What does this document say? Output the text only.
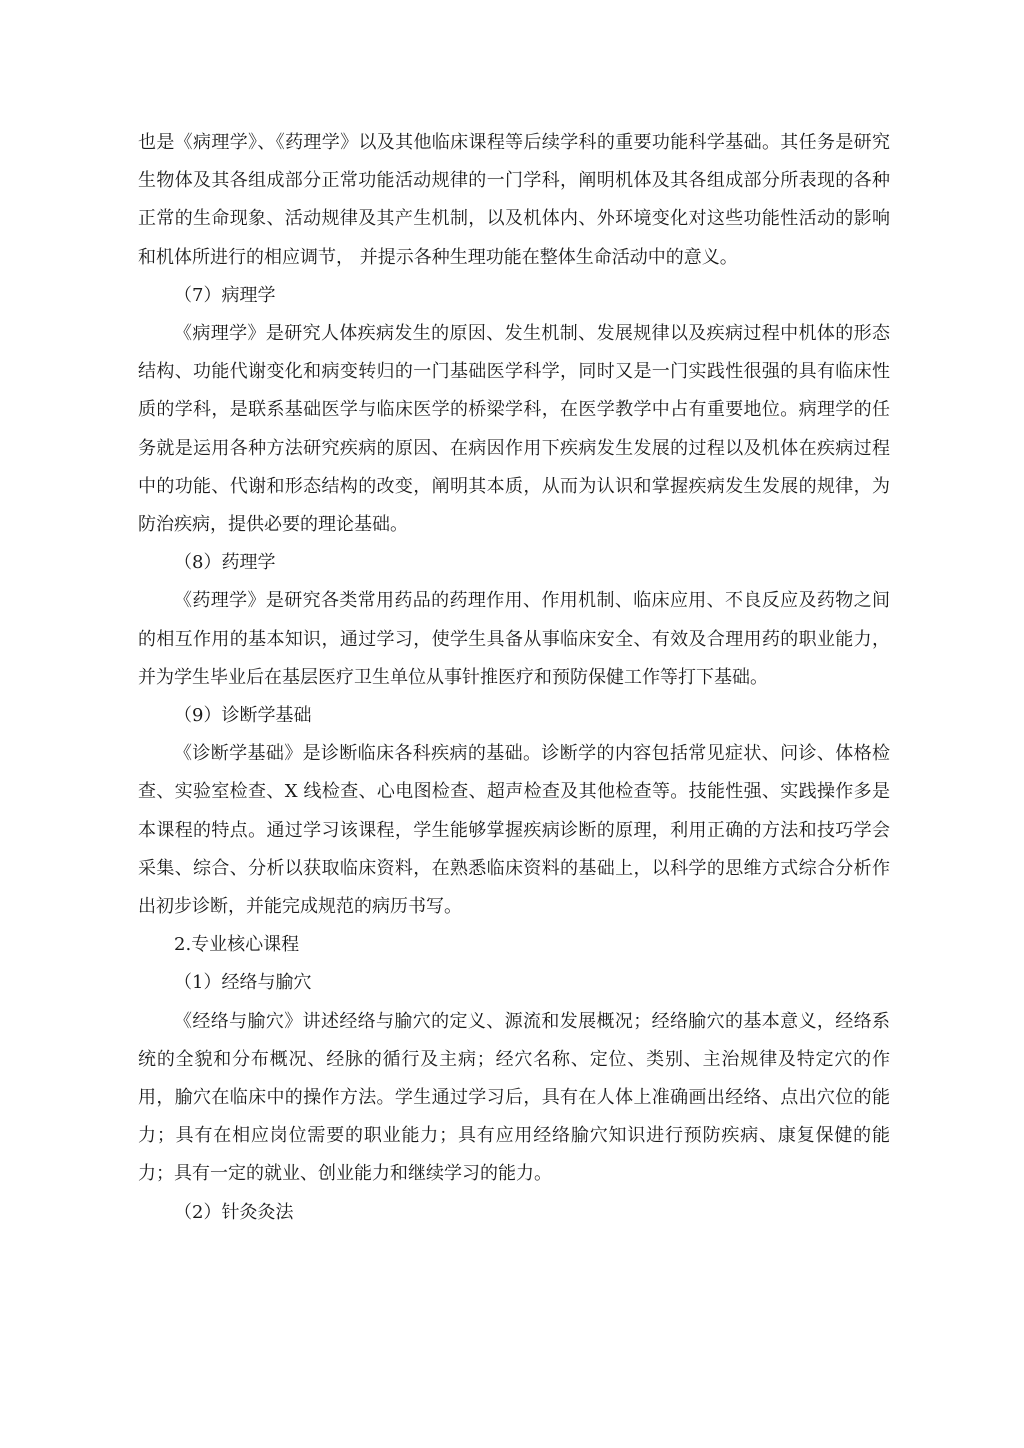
也是《病理学》、《药理学》以及其他临床课程等后续学科的重要功能科学基础。其任务是研究生物体及其各组成部分正常功能活动规律的一门学科，阐明机体及其各组成部分所表现的各种正常的生命现象、活动规律及其产生机制，以及机体内、外环境变化对这些功能性活动的影响和机体所进行的相应调节， 并提示各种生理功能在整体生命活动中的意义。

（7）病理学

《病理学》是研究人体疾病发生的原因、发生机制、发展规律以及疾病过程中机体的形态结构、功能代谢变化和病变转归的一门基础医学科学，同时又是一门实践性很强的具有临床性质的学科，是联系基础医学与临床医学的桥梁学科，在医学教学中占有重要地位。病理学的任务就是运用各种方法研究疾病的原因、在病因作用下疾病发生发展的过程以及机体在疾病过程中的功能、代谢和形态结构的改变，阐明其本质，从而为认识和掌握疾病发生发展的规律，为防治疾病，提供必要的理论基础。

（8）药理学

《药理学》是研究各类常用药品的药理作用、作用机制、临床应用、不良反应及药物之间的相互作用的基本知识，通过学习，使学生具备从事临床安全、有效及合理用药的职业能力，并为学生毕业后在基层医疗卫生单位从事针推医疗和预防保健工作等打下基础。

（9）诊断学基础

《诊断学基础》是诊断临床各科疾病的基础。诊断学的内容包括常见症状、问诊、体格检查、实验室检查、X 线检查、心电图检查、超声检查及其他检查等。技能性强、实践操作多是本课程的特点。通过学习该课程，学生能够掌握疾病诊断的原理，利用正确的方法和技巧学会采集、综合、分析以获取临床资料，在熟悉临床资料的基础上，以科学的思维方式综合分析作出初步诊断，并能完成规范的病历书写。

2.专业核心课程

（1）经络与腧穴

《经络与腧穴》讲述经络与腧穴的定义、源流和发展概况；经络腧穴的基本意义，经络系统的全貌和分布概况、经脉的循行及主病；经穴名称、定位、类别、主治规律及特定穴的作用，腧穴在临床中的操作方法。学生通过学习后，具有在人体上准确画出经络、点出穴位的能力；具有在相应岗位需要的职业能力；具有应用经络腧穴知识进行预防疾病、康复保健的能力；具有一定的就业、创业能力和继续学习的能力。

（2）针灸灸法
